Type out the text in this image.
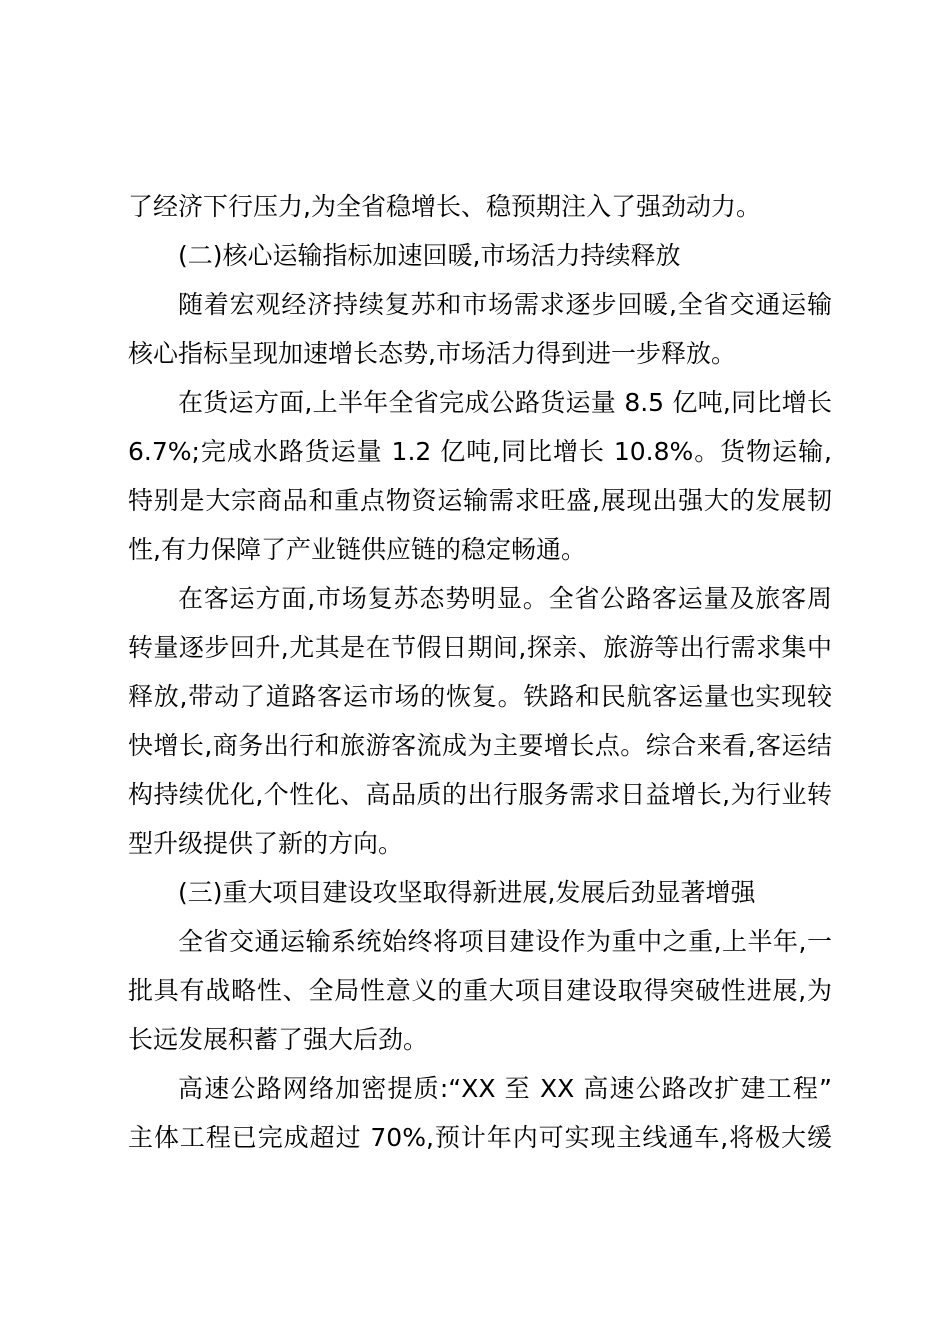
了经济下行压力,为全省稳增长、稳预期注入了强劲动力。
(二)核心运输指标加速回暖,市场活力持续释放
随着宏观经济持续复苏和市场需求逐步回暖,全省交通运输
核心指标呈现加速增长态势,市场活力得到进一步释放。
在货运方面,上半年全省完成公路货运量 8.5 亿吨,同比增长
6.7%;完成水路货运量 1.2 亿吨,同比增长 10.8%。货物运输,
特别是大宗商品和重点物资运输需求旺盛,展现出强大的发展韧
性,有力保障了产业链供应链的稳定畅通。
在客运方面,市场复苏态势明显。全省公路客运量及旅客周
转量逐步回升,尤其是在节假日期间,探亲、旅游等出行需求集中
释放,带动了道路客运市场的恢复。铁路和民航客运量也实现较
快增长,商务出行和旅游客流成为主要增长点。综合来看,客运结
构持续优化,个性化、高品质的出行服务需求日益增长,为行业转
型升级提供了新的方向。
(三)重大项目建设攻坚取得新进展,发展后劲显著增强
全省交通运输系统始终将项目建设作为重中之重,上半年,一
批具有战略性、全局性意义的重大项目建设取得突破性进展,为
长远发展积蓄了强大后劲。
高速公路网络加密提质:“XX 至 XX 高速公路改扩建工程”
主体工程已完成超过 70%,预计年内可实现主线通车,将极大缓
